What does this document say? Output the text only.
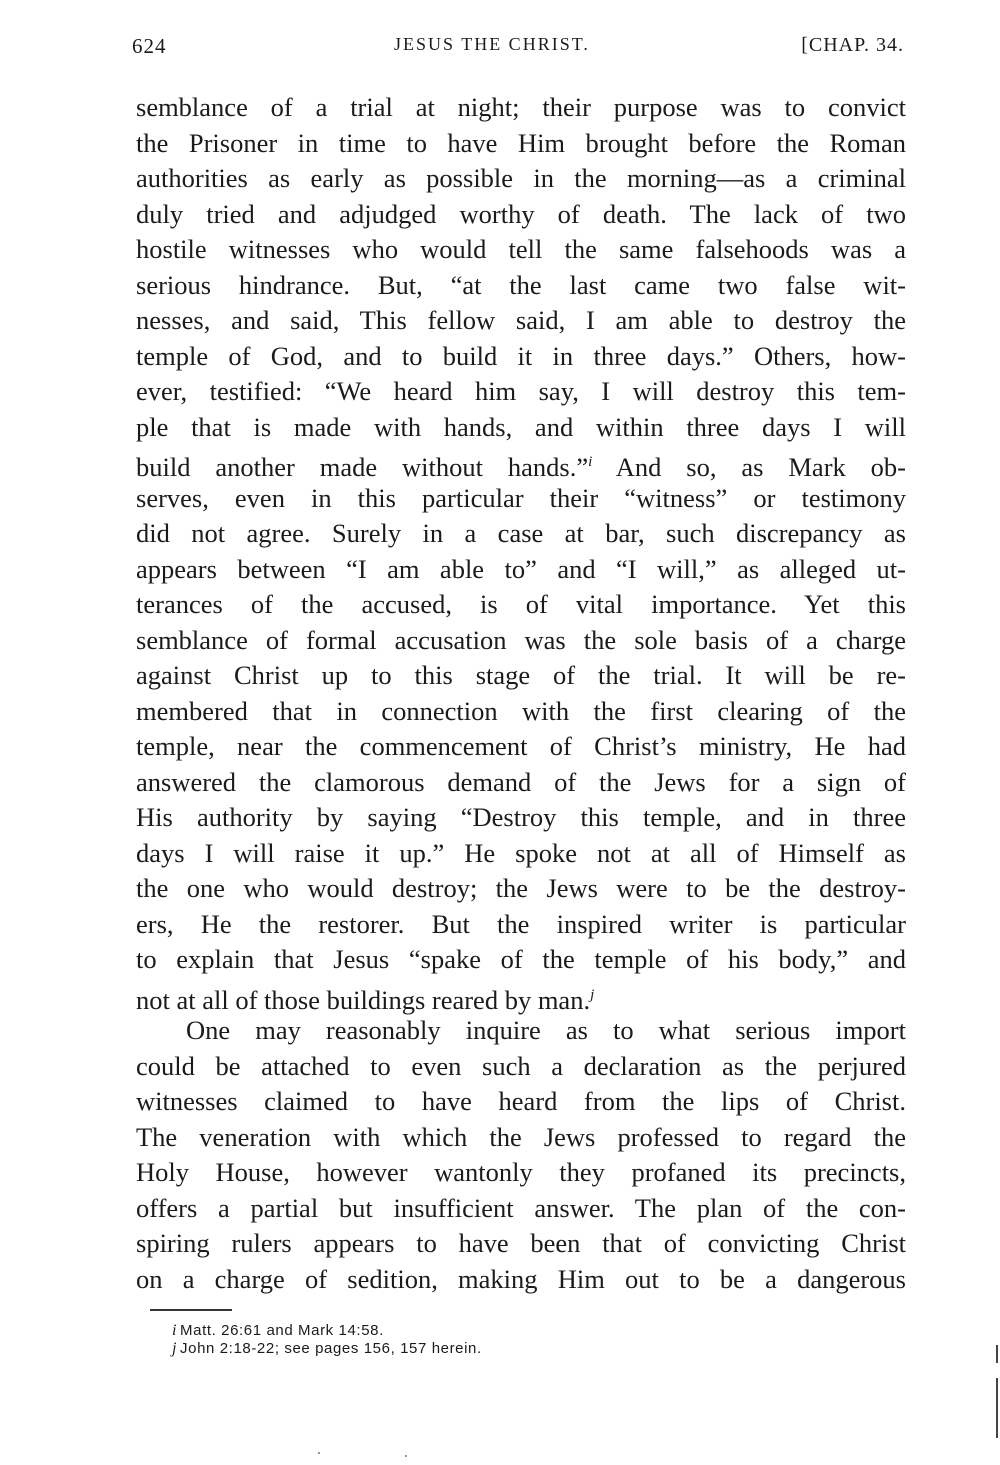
624	JESUS THE CHRIST.	[CHAP. 34.
semblance of a trial at night; their purpose was to convict
the Prisoner in time to have Him brought before the Roman
authorities as early as possible in the morning—as a criminal
duly tried and adjudged worthy of death. The lack of two
hostile witnesses who would tell the same falsehoods was a
serious hindrance. But, “at the last came two false wit-
nesses, and said, This fellow said, I am able to destroy the
temple of God, and to build it in three days.” Others, how-
ever, testified: “We heard him say, I will destroy this tem-
ple that is made with hands, and within three days I will
build another made without hands.”$^i$ And so, as Mark ob-
serves, even in this particular their “witness” or testimony
did not agree. Surely in a case at bar, such discrepancy as
appears between “I am able to” and “I will,” as alleged ut-
terances of the accused, is of vital importance. Yet this
semblance of formal accusation was the sole basis of a charge
against Christ up to this stage of the trial. It will be re-
membered that in connection with the first clearing of the
temple, near the commencement of Christ’s ministry, He had
answered the clamorous demand of the Jews for a sign of
His authority by saying “Destroy this temple, and in three
days I will raise it up.” He spoke not at all of Himself as
the one who would destroy; the Jews were to be the destroy-
ers, He the restorer. But the inspired writer is particular
to explain that Jesus “spake of the temple of his body,” and
not at all of those buildings reared by man.$^j$
One may reasonably inquire as to what serious import
could be attached to even such a declaration as the perjured
witnesses claimed to have heard from the lips of Christ.
The veneration with which the Jews professed to regard the
Holy House, however wantonly they profaned its precincts,
offers a partial but insufficient answer. The plan of the con-
spiring rulers appears to have been that of convicting Christ
on a charge of sedition, making Him out to be a dangerous
i Matt. 26:61 and Mark 14:58.
j John 2:18-22; see pages 156, 157 herein.
